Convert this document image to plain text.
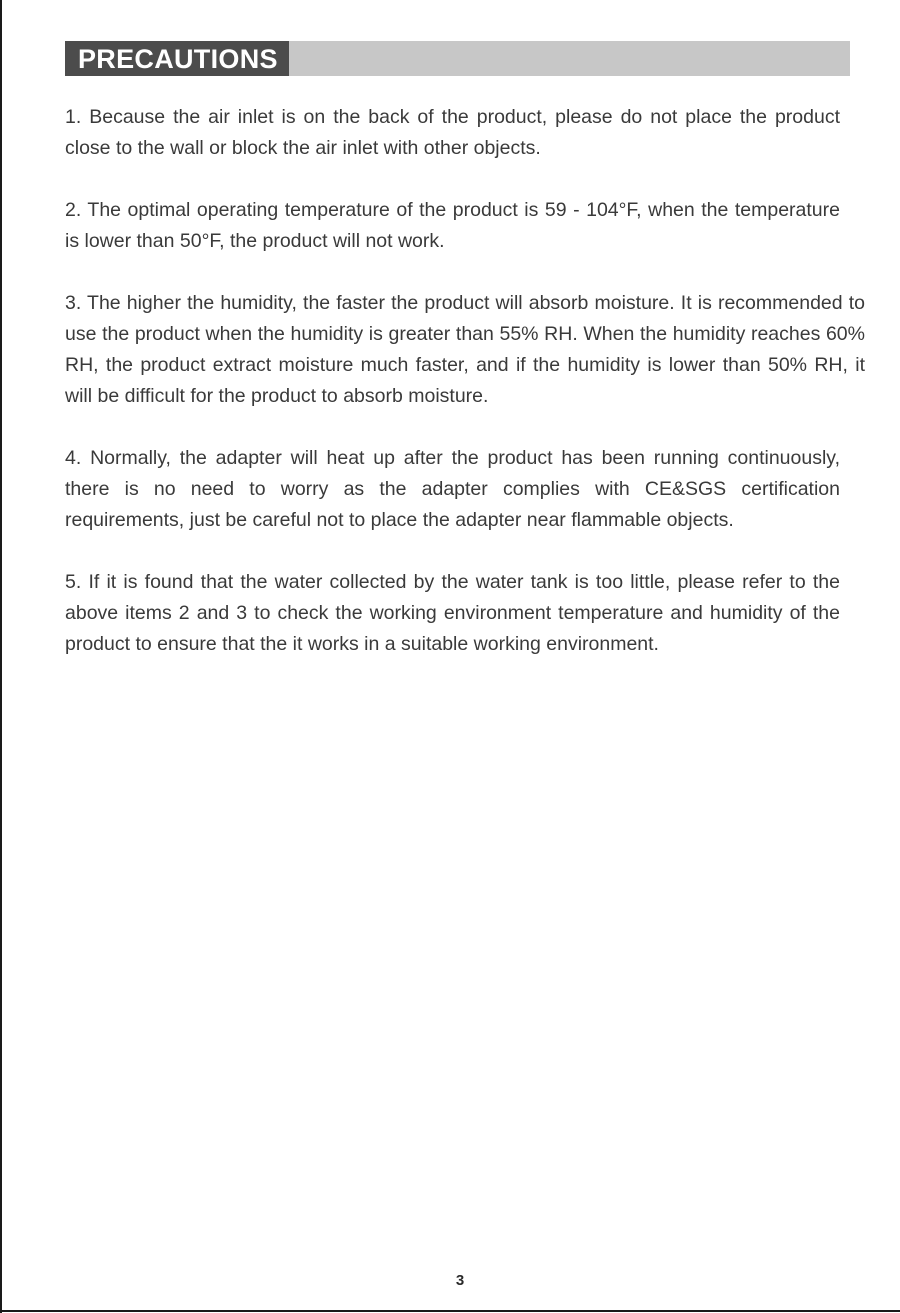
PRECAUTIONS

1. Because the air inlet is on the back of the product, please do not place the product close to the wall or block the air inlet with other objects.

2. The optimal operating temperature of the product is 59 - 104°F, when the temperature is lower than 50°F, the product will not work.

3. The higher the humidity, the faster the product will absorb moisture. It is recommended to use the product when the humidity is greater than 55% RH. When the humidity reaches 60% RH, the product extract moisture much faster, and if the humidity is lower than 50% RH, it will be difficult for the product to absorb moisture.

4. Normally, the adapter will heat up after the product has been running continuously, there is no need to worry as the adapter complies with CE&SGS certification requirements, just be careful not to place the adapter near flammable objects.

5. If it is found that the water collected by the water tank is too little, please refer to the above items 2 and 3 to check the working environment temperature and humidity of the product to ensure that the it works in a suitable working environment.

3
